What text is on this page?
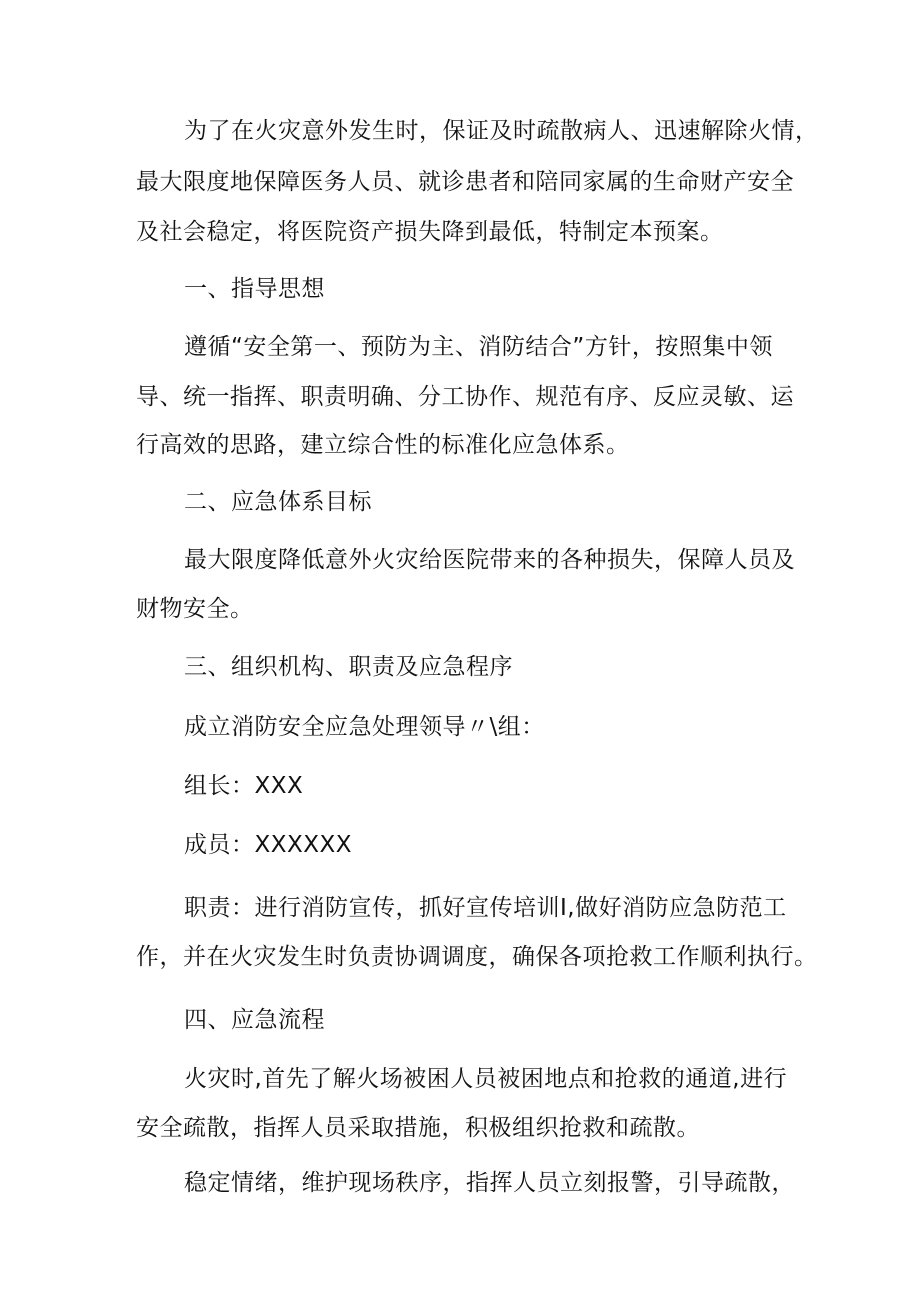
为了在火灾意外发生时，保证及时疏散病人、迅速解除火情，
最大限度地保障医务人员、就诊患者和陪同家属的生命财产安全
及社会稳定，将医院资产损失降到最低，特制定本预案。
一、指导思想
遵循“安全第一、预防为主、消防结合”方针，按照集中领
导、统一指挥、职责明确、分工协作、规范有序、反应灵敏、运
行高效的思路，建立综合性的标准化应急体系。
二、应急体系目标
最大限度降低意外火灾给医院带来的各种损失，保障人员及
财物安全。
三、组织机构、职责及应急程序
成立消防安全应急处理领导〃\组：
组长：XXX
成员：XXXXXX
职责：进行消防宣传，抓好宣传培训I,做好消防应急防范工
作，并在火灾发生时负责协调调度，确保各项抢救工作顺利执行。
四、应急流程
火灾时,首先了解火场被困人员被困地点和抢救的通道,进行
安全疏散，指挥人员采取措施，积极组织抢救和疏散。
稳定情绪，维护现场秩序，指挥人员立刻报警，引导疏散，
